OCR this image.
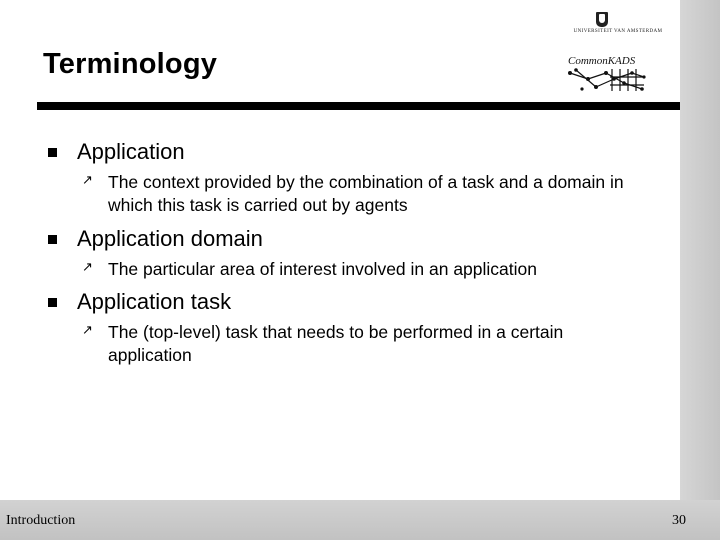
UNIVERSITEIT VAN AMSTERDAM
CommonKADS
Terminology
Application
↗ The context provided by the combination of a task and a domain in which this task is carried out by agents
Application domain
↗ The particular area of interest involved in an application
Application task
↗ The (top-level) task that needs to be performed in a certain application
Introduction	30
